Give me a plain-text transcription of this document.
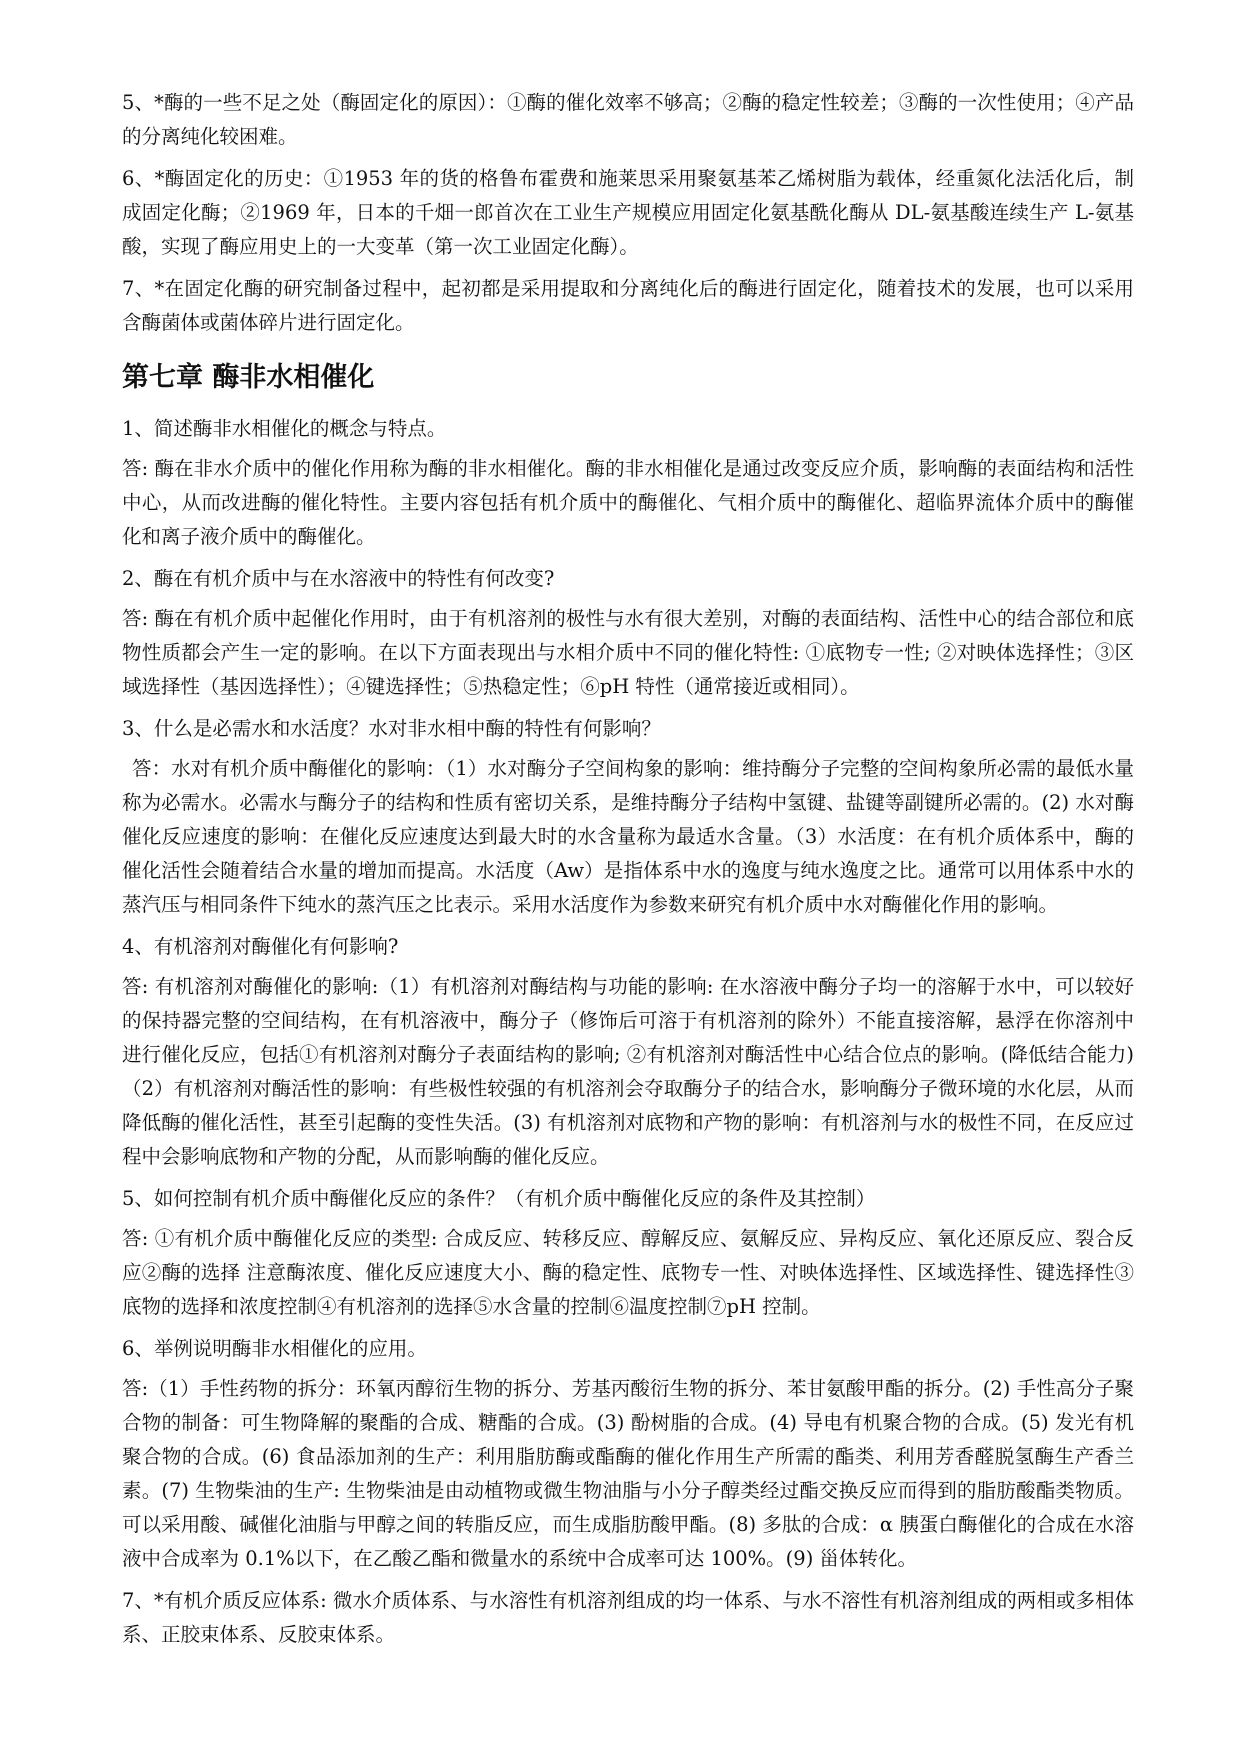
5、*酶的一些不足之处（酶固定化的原因）：①酶的催化效率不够高；②酶的稳定性较差；③酶的一次性使用；④产品的分离纯化较困难。

6、*酶固定化的历史：①1953 年的货的格鲁布霍费和施莱思采用聚氨基苯乙烯树脂为载体，经重氮化法活化后，制成固定化酶；②1969 年，日本的千畑一郎首次在工业生产规模应用固定化氨基酰化酶从 DL-氨基酸连续生产 L-氨基酸，实现了酶应用史上的一大变革（第一次工业固定化酶）。

7、*在固定化酶的研究制备过程中，起初都是采用提取和分离纯化后的酶进行固定化，随着技术的发展，也可以采用含酶菌体或菌体碎片进行固定化。

第七章 酶非水相催化

1、简述酶非水相催化的概念与特点。

答: 酶在非水介质中的催化作用称为酶的非水相催化。酶的非水相催化是通过改变反应介质，影响酶的表面结构和活性中心，从而改进酶的催化特性。主要内容包括有机介质中的酶催化、气相介质中的酶催化、超临界流体介质中的酶催化和离子液介质中的酶催化。

2、酶在有机介质中与在水溶液中的特性有何改变?

答: 酶在有机介质中起催化作用时，由于有机溶剂的极性与水有很大差别，对酶的表面结构、活性中心的结合部位和底物性质都会产生一定的影响。在以下方面表现出与水相介质中不同的催化特性: ①底物专一性; ②对映体选择性；③区域选择性（基因选择性）；④键选择性；⑤热稳定性；⑥pH 特性（通常接近或相同）。

3、什么是必需水和水活度？水对非水相中酶的特性有何影响？

答：水对有机介质中酶催化的影响：（1）水对酶分子空间构象的影响：维持酶分子完整的空间构象所必需的最低水量称为必需水。必需水与酶分子的结构和性质有密切关系，是维持酶分子结构中氢键、盐键等副键所必需的。(2) 水对酶催化反应速度的影响：在催化反应速度达到最大时的水含量称为最适水含量。（3）水活度：在有机介质体系中，酶的催化活性会随着结合水量的增加而提高。水活度（Aw）是指体系中水的逸度与纯水逸度之比。通常可以用体系中水的蒸汽压与相同条件下纯水的蒸汽压之比表示。采用水活度作为参数来研究有机介质中水对酶催化作用的影响。

4、有机溶剂对酶催化有何影响?

答: 有机溶剂对酶催化的影响:（1）有机溶剂对酶结构与功能的影响: 在水溶液中酶分子均一的溶解于水中，可以较好的保持器完整的空间结构，在有机溶液中，酶分子（修饰后可溶于有机溶剂的除外）不能直接溶解，悬浮在你溶剂中进行催化反应，包括①有机溶剂对酶分子表面结构的影响; ②有机溶剂对酶活性中心结合位点的影响。(降低结合能力)（2）有机溶剂对酶活性的影响：有些极性较强的有机溶剂会夺取酶分子的结合水，影响酶分子微环境的水化层，从而降低酶的催化活性，甚至引起酶的变性失活。(3) 有机溶剂对底物和产物的影响：有机溶剂与水的极性不同，在反应过程中会影响底物和产物的分配，从而影响酶的催化反应。

5、如何控制有机介质中酶催化反应的条件？（有机介质中酶催化反应的条件及其控制）

答: ①有机介质中酶催化反应的类型: 合成反应、转移反应、醇解反应、氨解反应、异构反应、氧化还原反应、裂合反应②酶的选择 注意酶浓度、催化反应速度大小、酶的稳定性、底物专一性、对映体选择性、区域选择性、键选择性③底物的选择和浓度控制④有机溶剂的选择⑤水含量的控制⑥温度控制⑦pH 控制。

6、举例说明酶非水相催化的应用。

答:（1）手性药物的拆分：环氧丙醇衍生物的拆分、芳基丙酸衍生物的拆分、苯甘氨酸甲酯的拆分。(2) 手性高分子聚合物的制备：可生物降解的聚酯的合成、糖酯的合成。(3) 酚树脂的合成。(4) 导电有机聚合物的合成。(5) 发光有机聚合物的合成。(6) 食品添加剂的生产：利用脂肪酶或酯酶的催化作用生产所需的酯类、利用芳香醛脱氢酶生产香兰素。(7) 生物柴油的生产: 生物柴油是由动植物或微生物油脂与小分子醇类经过酯交换反应而得到的脂肪酸酯类物质。可以采用酸、碱催化油脂与甲醇之间的转脂反应，而生成脂肪酸甲酯。(8) 多肽的合成：α 胰蛋白酶催化的合成在水溶液中合成率为 0.1%以下，在乙酸乙酯和微量水的系统中合成率可达 100%。(9) 甾体转化。

7、*有机介质反应体系: 微水介质体系、与水溶性有机溶剂组成的均一体系、与水不溶性有机溶剂组成的两相或多相体系、正胶束体系、反胶束体系。
